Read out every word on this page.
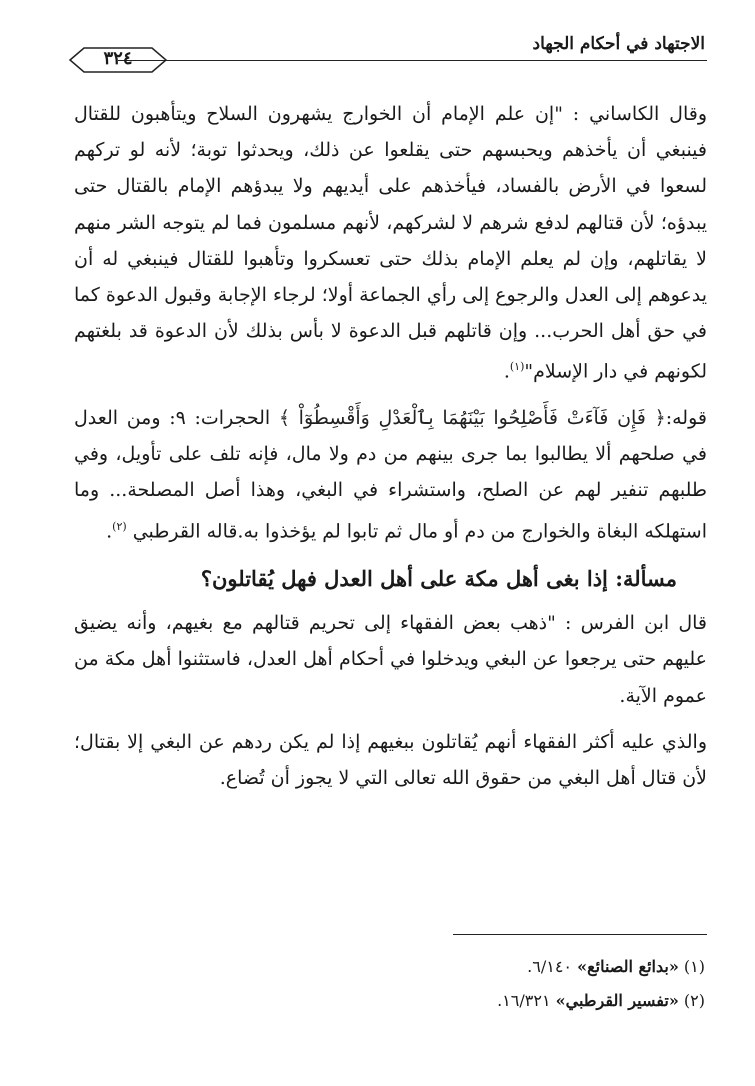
الاجتهاد في أحكام الجهاد
٣٢٤

وقال الكاساني : "إن علم الإمام أن الخوارج يشهرون السلاح ويتأهبون للقتال فينبغي أن يأخذهم ويحبسهم حتى يقلعوا عن ذلك، ويحدثوا توبة؛ لأنه لو تركهم لسعوا في الأرض بالفساد، فيأخذهم على أيديهم ولا يبدؤهم الإمام بالقتال حتى يبدؤه؛ لأن قتالهم لدفع شرهم لا لشركهم، لأنهم مسلمون فما لم يتوجه الشر منهم لا يقاتلهم، وإن لم يعلم الإمام بذلك حتى تعسكروا وتأهبوا للقتال فينبغي له أن يدعوهم إلى العدل والرجوع إلى رأي الجماعة أولا؛ لرجاء الإجابة وقبول الدعوة كما في حق أهل الحرب... وإن قاتلهم قبل الدعوة لا بأس بذلك لأن الدعوة قد بلغتهم لكونهم في دار الإسلام"$^{(١)}$.

قوله:﴿ فَإِن فَآءَتْ فَأَصْلِحُوا بَيْنَهُمَا بِٱلْعَدْلِ وَأَقْسِطُوٓاْ ﴾ الحجرات: ٩: ومن العدل في صلحهم ألا يطالبوا بما جرى بينهم من دم ولا مال، فإنه تلف على تأويل، وفي طلبهم تنفير لهم عن الصلح، واستشراء في البغي، وهذا أصل المصلحة... وما استهلكه البغاة والخوارج من دم أو مال ثم تابوا لم يؤخذوا به.قاله القرطبي $^{(٢)}$.

مسألة: إذا بغى أهل مكة على أهل العدل فهل يُقاتلون؟

قال ابن الفرس : "ذهب بعض الفقهاء إلى تحريم قتالهم مع بغيهم، وأنه يضيق عليهم حتى يرجعوا عن البغي ويدخلوا في أحكام أهل العدل، فاستثنوا أهل مكة من عموم الآية.

والذي عليه أكثر الفقهاء أنهم يُقاتلون ببغيهم إذا لم يكن ردهم عن البغي إلا بقتال؛ لأن قتال أهل البغي من حقوق الله تعالى التي لا يجوز أن تُضاع.

(١) «بدائع الصنائع» ٦/١٤٠.

(٢) «تفسير القرطبي» ١٦/٣٢١.
